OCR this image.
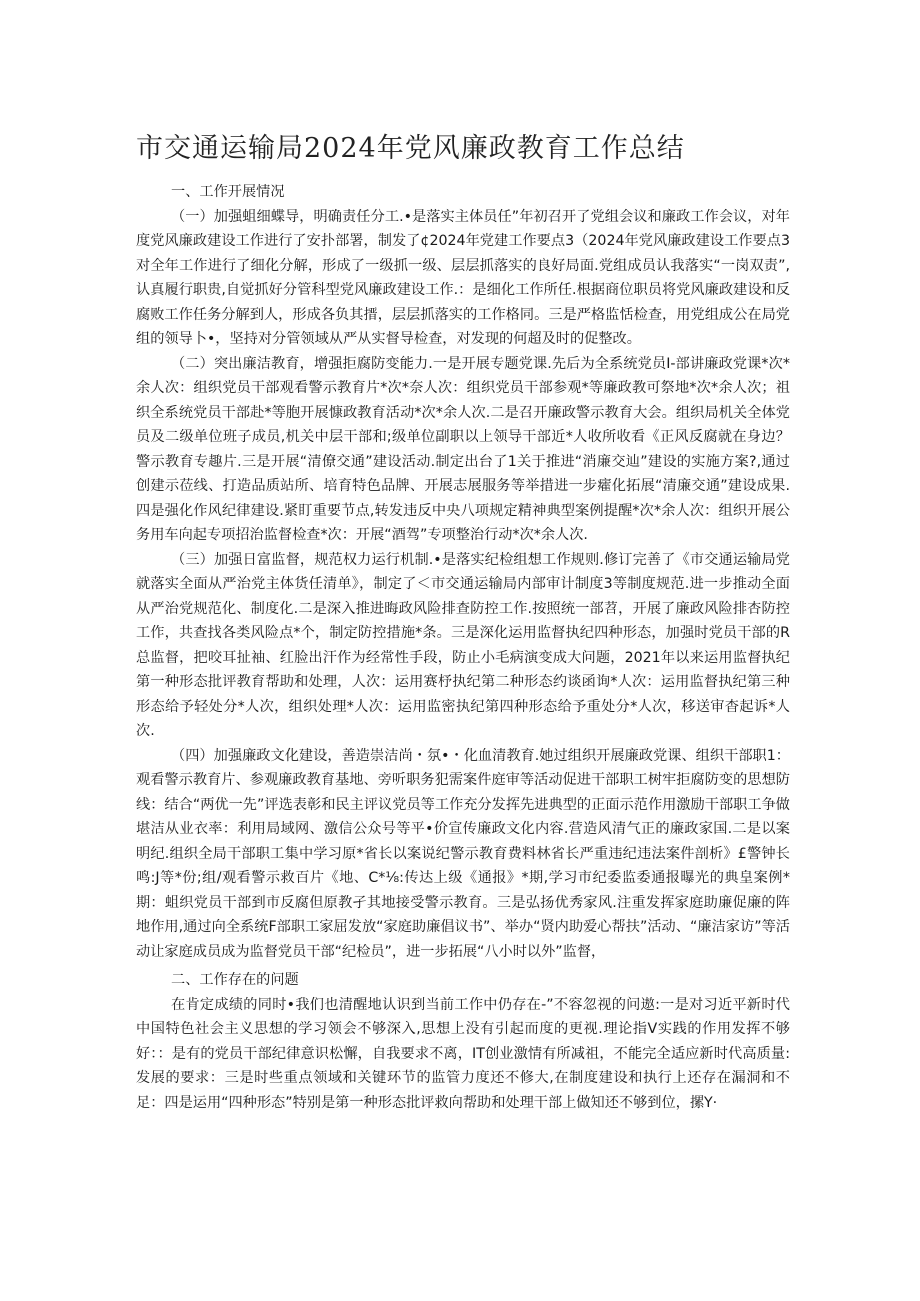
市交通运输局2024年党风廉政教育工作总结

一、工作开展情况

（一）加强蛆细蝶导，明确责任分工.•是落实主体员任”年初召开了党组会议和廉政工作会议，对年度党风廉政建设工作进行了安扑部署，制发了¢2024年党建工作要点3（2024年党风廉政建设工作要点3对全年工作进行了细化分解，形成了一级抓一级、层层抓落实的良好局面.党组成员认我落实“一岗双责”,认真履行职贵,自觉抓好分管科型党风廉政建设工作.：是细化工作所任.根据商位职员将党风廉政建设和反腐败工作任务分解到人，形成各负其搢，层层抓落实的工作格同。三是严格监恬检查，用党组成公在局党组的领导卜•，坚持对分管领域从严从实督导检查，对发现的何超及时的促整改。

（二）突出廉洁教育，增强拒腐防变能力.一是开展专题党课.先后为全系统党员I-部讲廉政党课*次*余人次：组织党员干部观看警示教育片*次*奈人次：组织党员干部参观*等廉政教可祭地*次*余人次；祖织全系统党员干部赴*等胞开展慷政教育活动*次*余人次.二是召开廉政警示教育大会。组织局机关全体党员及二级单位班子成员,机关中层干部和;级单位副职以上领导干部近*人收所收看《正风反腐就在身边？警示教育专趣片.三是开展“清僚交通”建设活动.制定出台了1关于推进“消廉交辿”建设的实施方案?,通过创建示莅线、打造品质站所、培育特色品牌、开展志展服务等举措进一步癨化拓展“清廉交通”建设成果.四是强化作风纪律建设.紧盯重要节点,转发违反中央八项规定精神典型案例提醒*次*余人次：组织开展公务用车向起专项招治监督检查*次：开展“酒驾”专项整治行动*次*余人次.

（三）加强日富监督，规范权力运行机制.•是落实纪检组想工作规则.修订完善了《市交通运输局党就落实全面从严治党主体货任清单》，制定了＜市交通运输局内部审计制度3等制度规范.进一步推动全面从严治党规范化、制度化.二是深入推进晦政风险排查防控工作.按照统一部苕，开展了廉政风险排杏防控工作，共查找各类风险点*个，制定防控措施*条。三是深化运用监督执纪四种形态，加强时党员干部的R总监督，把咬耳扯袖、红脸出汗作为经常性手段，防止小毛病演变成大问题，2021年以来运用监督执纪第一种形态批评教育帮助和处理，人次：运用赛杼执纪第二种形态约谈函询*人次：运用监督执纪第三种形态给予轻处分*人次，组织处理*人次：运用监密执纪第四种形态给予重处分*人次，移送审杳起诉*人次.

（四）加强廉政文化建设，善造崇洁尚・氛•・化血清教育.她过组织开展廉政党课、组织干部职1：观看警示教育片、参观廉政教育基地、旁听职务犯需案件庭审等活动促进干部职工树牢拒腐防变的思想防线：结合“两优一先”评选表彰和民主评议党员等工作充分发挥先进典型的正面示范作用激励干部职工争做堪洁从业衣率：利用局域网、激信公众号等平•价宣传廉政文化内容.营造风清气正的廉政家国.二是以案明纪.组织全局干部职工集中学习原*省长以案说纪警示教育费料林省长严重违纪违法案件剖析》£警钟长鸣:J等*份;组/观看警示救百片《地、C*⅛:传达上级《通报》*期,学习市纪委监委通报曝光的典皇案例*期：蛆织党员干部到市反腐但原教孑其地接受警示教育。三是弘扬优秀家风.注重发挥家庭助廉促廉的阵地作用,通过向全系统F部职工家屈发放“家庭助廉倡议书”、举办“贤内助爱心帮扶”活动、“廉洁家访”等活动让家庭成员成为监督党员干部“纪检员”，进一步拓展“八小时以外”监督，

二、工作存在的问题

在肯定成绩的同时•我们也清醒地认识到当前工作中仍存在-”不容忽视的问遨:一是对习近平新时代中国特色社会主义思想的学习领会不够深入,思想上没有引起而度的更视.理论指V实践的作用发挥不够好：：是有的党员干部纪律意识松懈，自我要求不离，IT创业激情有所减祖，不能完全适应新时代高质量:发展的要求：三是时些重点领域和关键环节的监管力度还不修大,在制度建设和执行上还存在漏洞和不足：四是运用“四种形态”特别是第一种形态批评救向帮助和处理干部上做知还不够到位，摞Y·
